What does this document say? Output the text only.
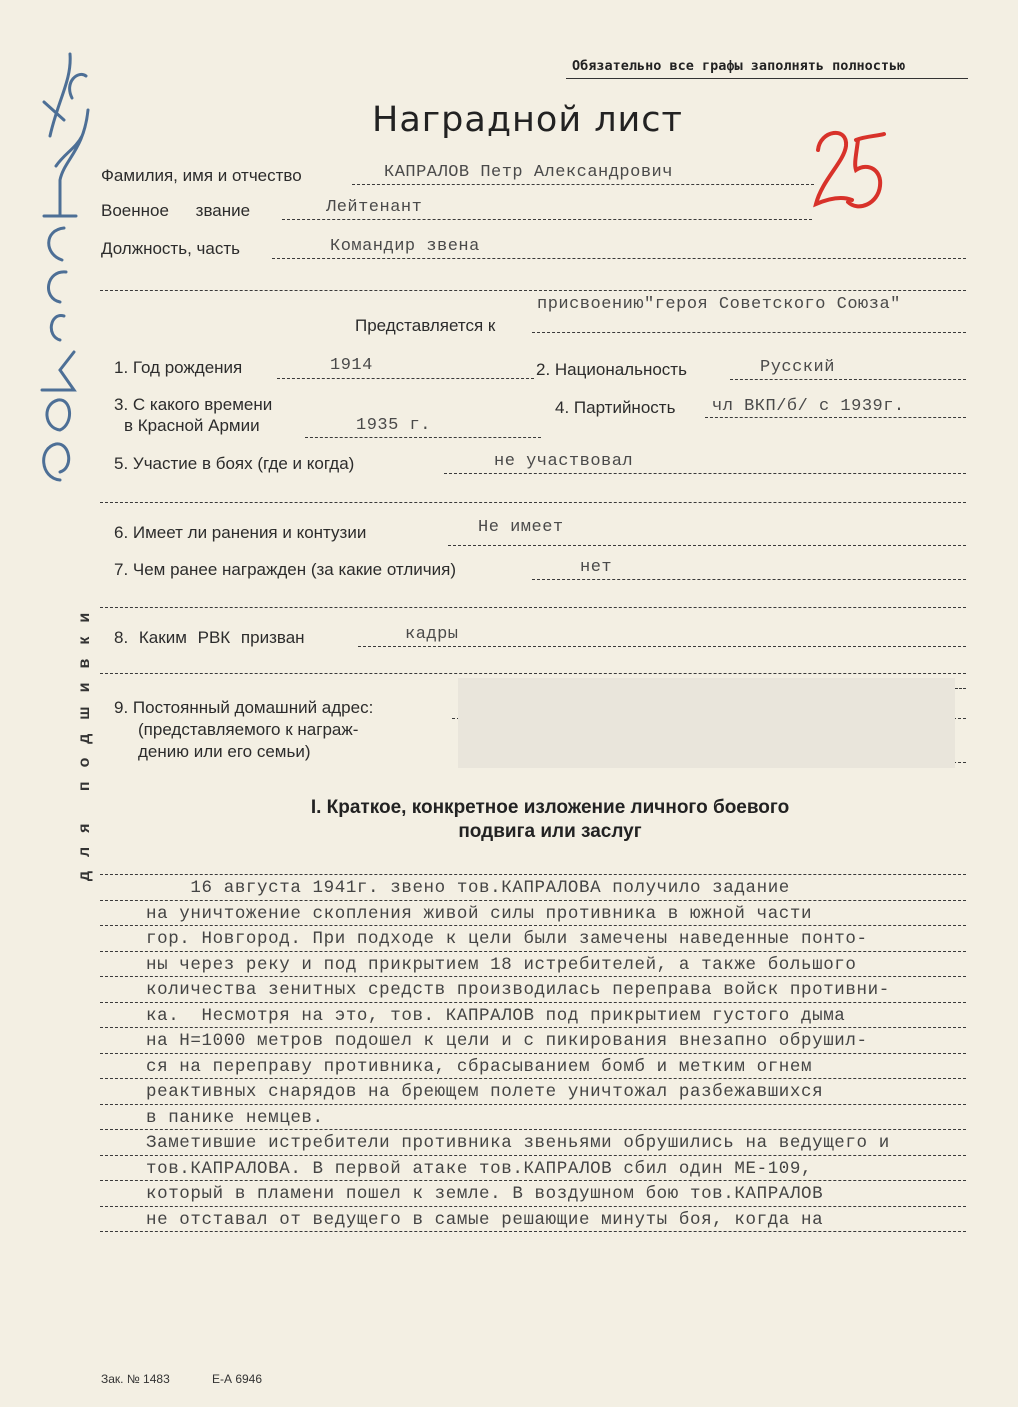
Обязательно все графы заполнять полностью
Наградной лист	25
Согласен
для подшивки
Фамилия, имя и отчество	КАПРАЛОВ Петр Александрович
Военное звание	Лейтенант
Должность, часть	Командир звена
присвоению"героя Советского Союза"
Представляется к
1. Год рождения	1914	2. Национальность	Русский
3. С какого времени
в Красной Армии	1935 г.
4. Партийность чл ВКП/б/ с 1939г.
5. Участие в боях (где и когда)	не участвовал
6. Имеет ли ранения и контузии	Не имеет
7. Чем ранее награжден (за какие отличия)	нет
8. Каким РВК призван	кадры
9. Постоянный домашний адрес:
(представляемого к награж-
дению или его семьи)
I. Краткое, конкретное изложение личного боевого
подвига или заслуг
16 августа 1941г. звено тов.КАПРАЛОВА получило задание
на уничтожение скопления живой силы противника в южной части
гор. Новгород. При подходе к цели были замечены наведенные понто-
ны через реку и под прикрытием 18 истребителей, а также большого
количества зенитных средств производилась переправа войск противни-
ка.  Несмотря на это, тов. КАПРАЛОВ под прикрытием густого дыма
на Н=1000 метров подошел к цели и с пикирования внезапно обрушил-
ся на переправу противника, сбрасыванием бомб и метким огнем
реактивных снарядов на бреющем полете уничтожал разбежавшихся
в панике немцев.
Заметившие истребители противника звеньями обрушились на ведущего и
тов.КАПРАЛОВА. В первой атаке тов.КАПРАЛОВ сбил один МЕ-109,
который в пламени пошел к земле. В воздушном бою тов.КАПРАЛОВ
не отставал от ведущего в самые решающие минуты боя, когда на
Зак. № 1483	Е-А 6946
